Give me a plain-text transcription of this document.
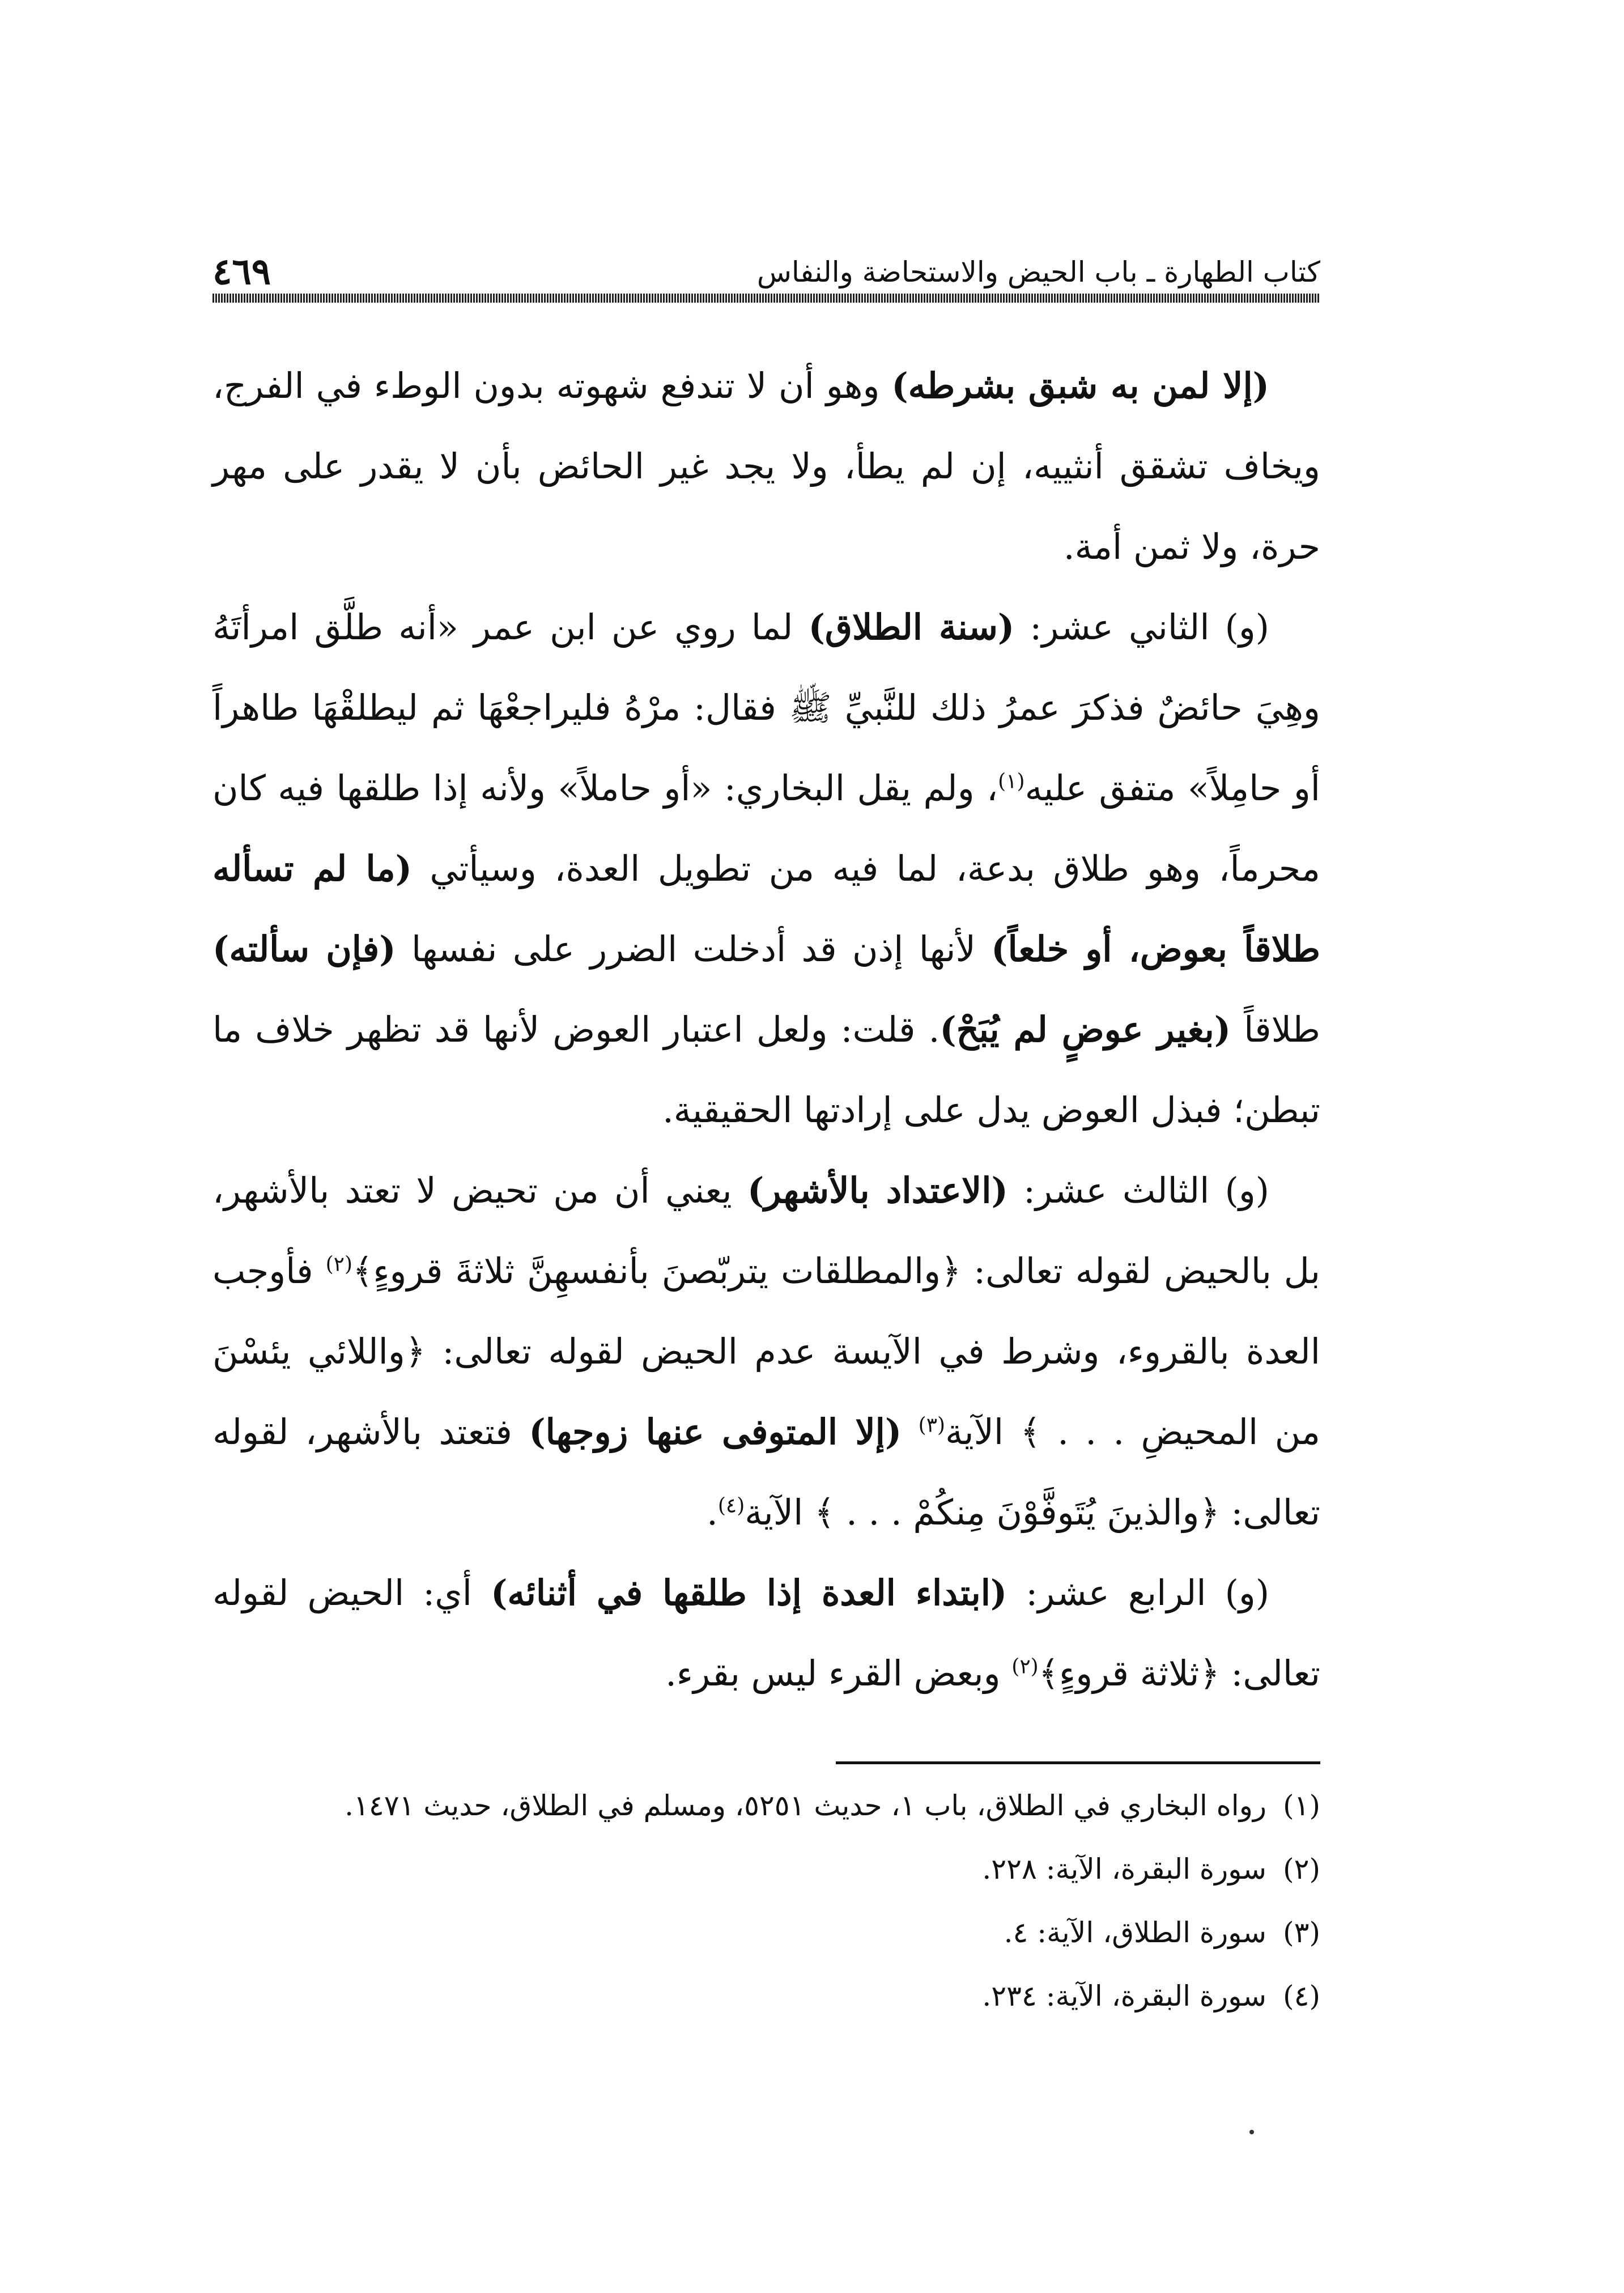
كتاب الطهارة ـ باب الحيض والاستحاضة والنفاس
٤٦٩

(إلا لمن به شبق بشرطه) وهو أن لا تندفع شهوته بدون الوطء في الفرج، ويخاف تشقق أنثييه، إن لم يطأ، ولا يجد غير الحائض بأن لا يقدر على مهر حرة، ولا ثمن أمة.

(و) الثاني عشر: (سنة الطلاق) لما روي عن ابن عمر «أنه طلَّق امرأتَهُ وهِيَ حائضٌ فذكرَ عمرُ ذلك للنَّبيِّ ﷺ فقال: مرْهُ فليراجعْهَا ثم ليطلقْهَا طاهراً أو حامِلاً» متفق عليه$^{(١)}$، ولم يقل البخاري: «أو حاملاً» ولأنه إذا طلقها فيه كان محرماً، وهو طلاق بدعة، لما فيه من تطويل العدة، وسيأتي (ما لم تسأله طلاقاً بعوض، أو خلعاً) لأنها إذن قد أدخلت الضرر على نفسها (فإن سألته) طلاقاً (بغير عوضٍ لم يُبَحْ). قلت: ولعل اعتبار العوض لأنها قد تظهر خلاف ما تبطن؛ فبذل العوض يدل على إرادتها الحقيقية.

(و) الثالث عشر: (الاعتداد بالأشهر) يعني أن من تحيض لا تعتد بالأشهر، بل بالحيض لقوله تعالى: ﴿والمطلقات يتربّصنَ بأنفسهِنَّ ثلاثةَ قروءٍ﴾$^{(٢)}$ فأوجب العدة بالقروء، وشرط في الآيسة عدم الحيض لقوله تعالى: ﴿واللائي يئسْنَ من المحيضِ . . . ﴾ الآية$^{(٣)}$ (إلا المتوفى عنها زوجها) فتعتد بالأشهر، لقوله تعالى: ﴿والذينَ يُتَوفَّوْنَ مِنكُمْ . . . ﴾ الآية$^{(٤)}$.

(و) الرابع عشر: (ابتداء العدة إذا طلقها في أثنائه) أي: الحيض لقوله تعالى: ﴿ثلاثة قروءٍ﴾$^{(٢)}$ وبعض القرء ليس بقرء.

(١)
رواه البخاري في الطلاق، باب ١، حديث ٥٢٥١، ومسلم في الطلاق، حديث ١٤٧١.
(٢)
سورة البقرة، الآية: ٢٢٨.
(٣)
سورة الطلاق، الآية: ٤.
(٤)
سورة البقرة، الآية: ٢٣٤.
